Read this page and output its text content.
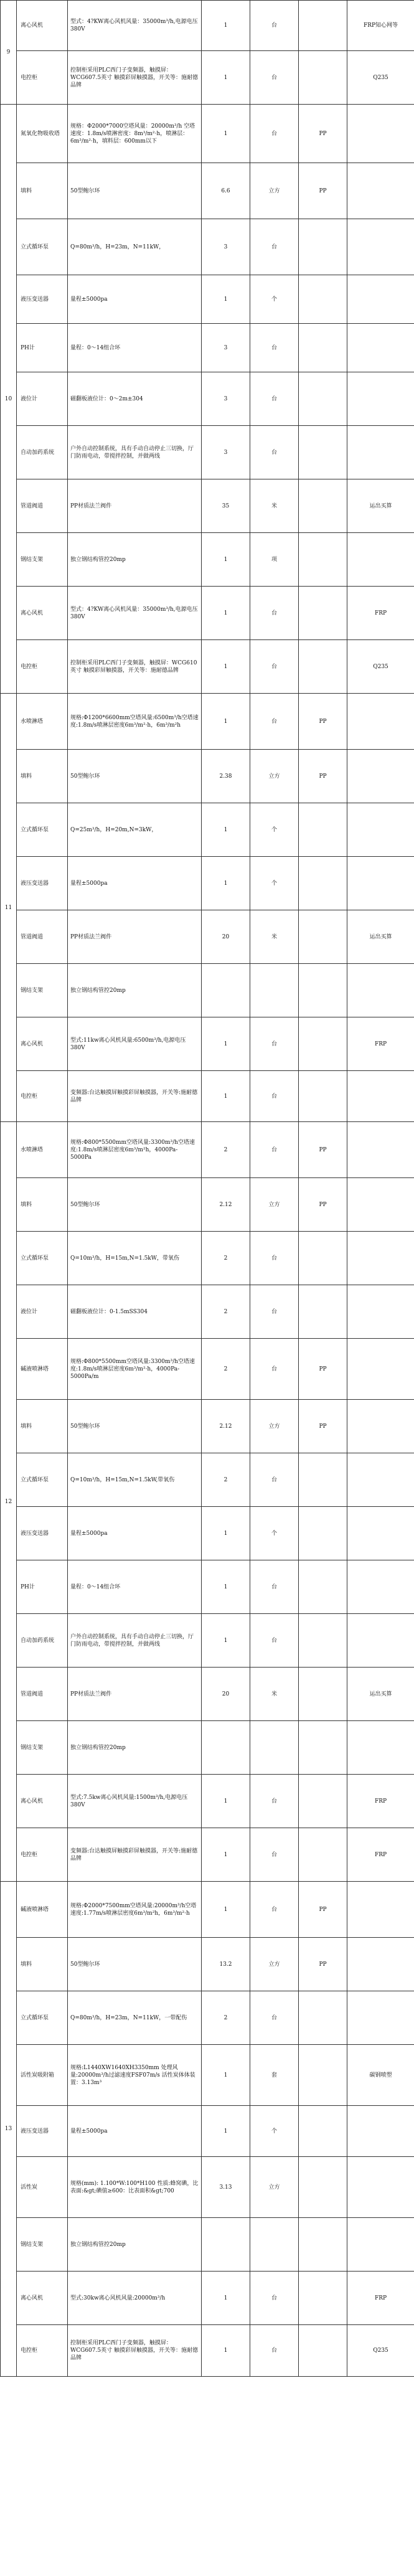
9	离心风机	型式：4?KW离心风机风量：35000m³/h,电源电压380V	1	台		FRP知心网等
	电控柜	控制柜采用PLC西门子变频器，触摸屏：WCG607.5英寸 触摸彩屏触摸器，开关等：施耐德品牌	1	台		Q235
10	氮氧化物吸收塔	规格：Φ2000*7000空塔风量：20000m³/h 空塔速度：1.8m/s喷淋密度：8m³/m²·h，喷淋层：6m³/m²·h，填料层：600mm以下	1	台	PP	
	填料	50型鲍尔环	6.6	立方	PP	
	立式循环泵	Q=80m³/h，H=23m，N=11kW，	3	台		
	液压变送器	量程±5000pa	1	个		
	PH计	量程：0～14组合环	3	台		
	液位计	磁翻板液位计：0～2m±304	3	台		
	自动加药系统	户外自动控制系统，具有手动自动停止三切换，厅门防雨电动，带搅拌控制，并做两线	3	台		
	管道阀道	PP材质法兰阀件	35	米		运出买算
	钢结支架	独立钢结构管控20mp	1	项		
	离心风机	型式：4?KW离心风机风量：35000m³/h,电源电压380V	1	台		FRP
	电控柜	控制柜采用PLC西门子变频器，触摸屏：WCG610英寸 触摸彩屏触摸器，开关等：施耐德品牌	1	台		Q235
11	水喷淋塔	规格:Φ1200*6600mm空塔风量:6500m³/h空塔速度:1.8m/s喷淋层密度6m³/m²·h，6m³/m²h	1	台	PP	
	填料	50型鲍尔环	2.38	立方	PP	
	立式循环泵	Q=25m³/h，H=20m,N=3kW，	1	个		
	液压变送器	量程±5000pa	1	个		
	管道阀道	PP材质法兰阀件	20	米		运出买算
	钢结支架	独立钢结构管控20mp				
	离心风机	型式:11kw离心风机风量:6500m³/h,电源电压380V	1	台		FRP
	电控柜	变频器:台达触摸屏触摸彩屏触摸器，开关等:施耐德品牌	1	台		
12	水喷淋塔	规格:Φ800*5500mm空塔风量:3300m³/h空塔速度:1.8m/s喷淋层密度6m³/m²h，4000Pa-5000Pa	2	台	PP	
	填料	50型鲍尔环	2.12	立方	PP	
	立式循环泵	Q=10m³/h，H=15m,N=1.5kW，带氧伤	2	台		
	液位计	磁翻板液位计：0-1.5mSS304	2	台		
	碱液喷淋塔	规格:Φ800*5500mm空塔风量:3300m³/h空塔速度:1.8m/s喷淋层密度6m³/m²·h，4000Pa-5000Pa/m	2	台	PP	
	填料	50型鲍尔环	2.12	立方	PP	
	立式循环泵	Q=10m³/h，H=15m,N=1.5kW,带氧伤	2	台		
	液压变送器	量程±5000pa	1	个		
	PH计	量程：0～14组合环	1	台		
	自动加药系统	户外自动控制系统，具有手动自动停止三切换，厅门防雨电动，带搅拌控制，并做两线	1	台		
	管道阀道	PP材质法兰阀件	20	米		运出买算
	钢结支架	独立钢结构管控20mp				
	离心风机	型式:7.5kw离心风机风量:1500m³/h,电源电压380V	1	台		FRP
	电控柜	变频器:台达触摸屏触摸彩屏触摸器，开关等:施耐德品牌	1	台		FRP
13	碱液喷淋塔	规格:Φ2000*7500mm空塔风量:20000m³/h空塔速度:1.77m/s喷淋层密度6m³/m²h，6m³/m²·h	1	台	PP	
	填料	50型鲍尔环	13.2	立方	PP	
	立式循环泵	Q=80m³/h，H=23m，N=11kW，一带配伤	2	台		
	活性炭吸附箱	规格:L1440XW1640XH3350mm 处理风量:20000m³/h过滤速度FSF07m/s 活性炭体体装置：3.13m³	1	套		碳钢喷塑
	液压变送器	量程±5000pa	1	个		
	活性炭	规格(mm): 1.100*W:100*H100 性质:蜂窝碘，比表面:&gt;碘值≥600：比表面积&gt;700	3.13	立方		
	钢结支架	独立钢结构管控20mp				
	离心风机	型式:30kw离心风机风量:20000m³/h	1	台		FRP
	电控柜	控制柜采用PLC西门子变频器，触摸屏：WCG607.5英寸 触摸彩屏触摸器，开关等：施耐德品牌	1	台		Q235
